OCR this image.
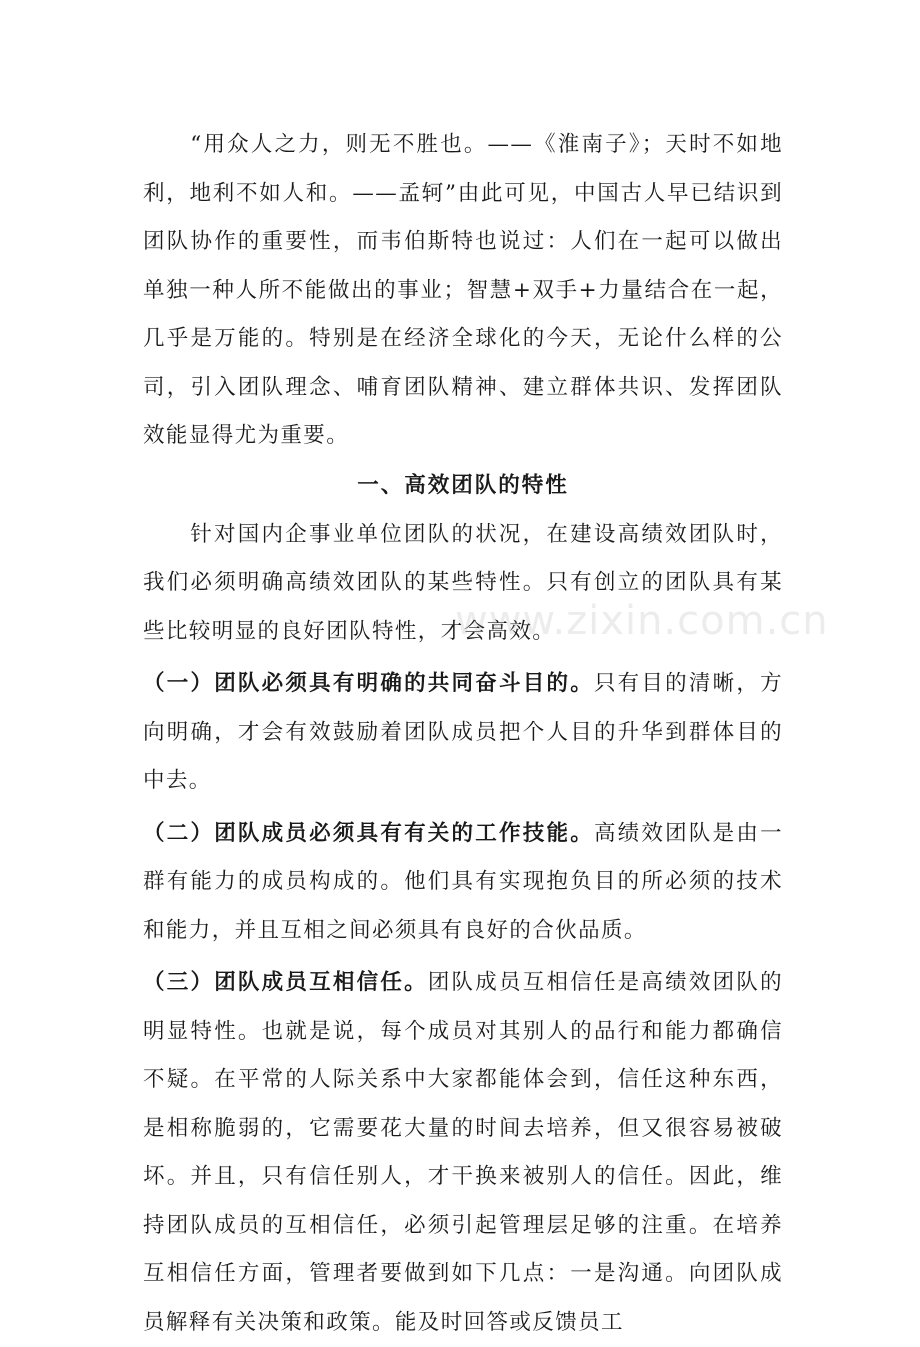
“用众人之力，则无不胜也。——《淮南子》；天时不如地利，地利不如人和。——孟轲”由此可见，中国古人早已结识到团队协作的重要性，而韦伯斯特也说过：人们在一起可以做出单独一种人所不能做出的事业；智慧+双手+力量结合在一起，几乎是万能的。特别是在经济全球化的今天，无论什么样的公司，引入团队理念、哺育团队精神、建立群体共识、发挥团队效能显得尤为重要。

一、高效团队的特性

针对国内企事业单位团队的状况，在建设高绩效团队时，我们必须明确高绩效团队的某些特性。只有创立的团队具有某些比较明显的良好团队特性，才会高效。

（一）团队必须具有明确的共同奋斗目的。只有目的清晰，方向明确，才会有效鼓励着团队成员把个人目的升华到群体目的中去。

（二）团队成员必须具有有关的工作技能。高绩效团队是由一群有能力的成员构成的。他们具有实现抱负目的所必须的技术和能力，并且互相之间必须具有良好的合伙品质。

（三）团队成员互相信任。团队成员互相信任是高绩效团队的明显特性。也就是说，每个成员对其别人的品行和能力都确信不疑。在平常的人际关系中大家都能体会到，信任这种东西，是相称脆弱的，它需要花大量的时间去培养，但又很容易被破坏。并且，只有信任别人，才干换来被别人的信任。因此，维持团队成员的互相信任，必须引起管理层足够的注重。在培养互相信任方面，管理者要做到如下几点：一是沟通。向团队成员解释有关决策和政策。能及时回答或反馈员工

www.zixin.com.cn
